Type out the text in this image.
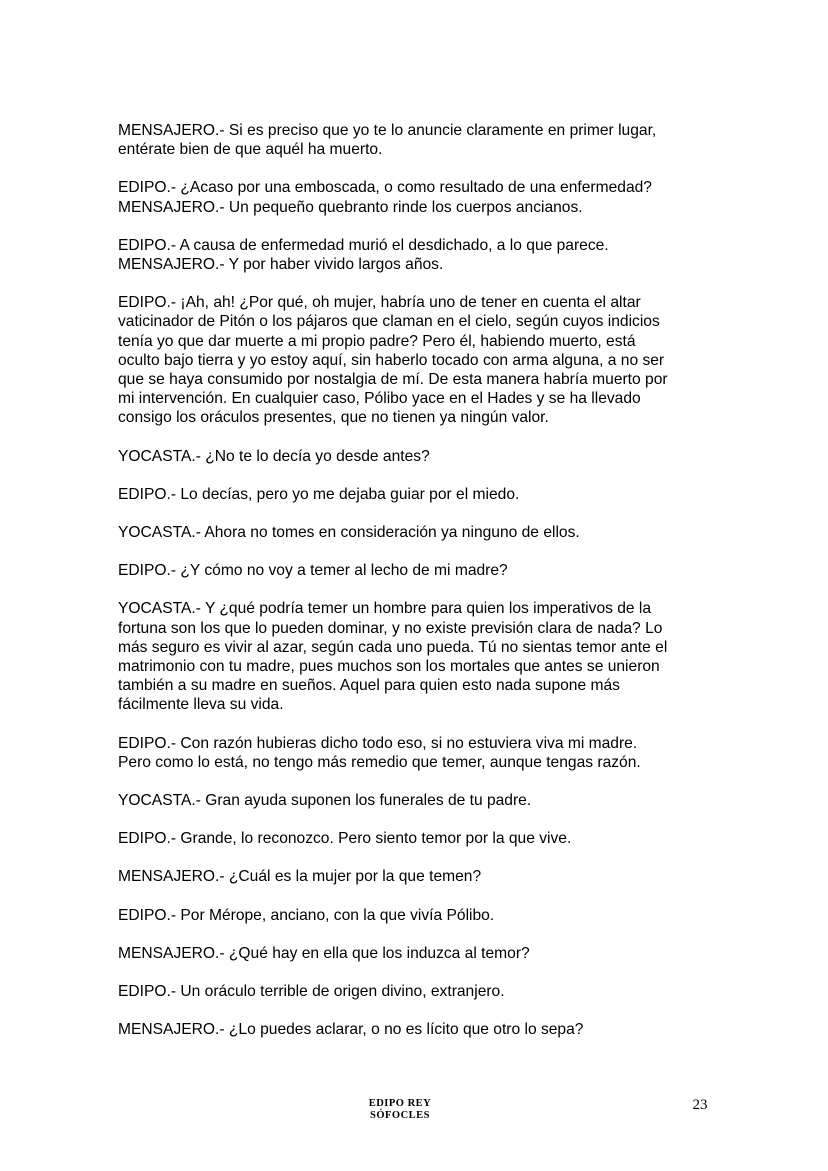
MENSAJERO.- Si es preciso que yo te lo anuncie claramente en primer lugar,
entérate bien de que aquél ha muerto.

EDIPO.- ¿Acaso por una emboscada, o como resultado de una enfermedad?
MENSAJERO.- Un pequeño quebranto rinde los cuerpos ancianos.

EDIPO.- A causa de enfermedad murió el desdichado, a lo que parece.
MENSAJERO.- Y por haber vivido largos años.

EDIPO.- ¡Ah, ah! ¿Por qué, oh mujer, habría uno de tener en cuenta el altar
vaticinador de Pitón o los pájaros que claman en el cielo, según cuyos indicios
tenía yo que dar muerte a mi propio padre? Pero él, habiendo muerto, está
oculto bajo tierra y yo estoy aquí, sin haberlo tocado con arma alguna, a no ser
que se haya consumido por nostalgia de mí. De esta manera habría muerto por
mi intervención. En cualquier caso, Pólibo yace en el Hades y se ha llevado
consigo los oráculos presentes, que no tienen ya ningún valor.

YOCASTA.- ¿No te lo decía yo desde antes?

EDIPO.- Lo decías, pero yo me dejaba guiar por el miedo.

YOCASTA.- Ahora no tomes en consideración ya ninguno de ellos.

EDIPO.- ¿Y cómo no voy a temer al lecho de mi madre?

YOCASTA.- Y ¿qué podría temer un hombre para quien los imperativos de la
fortuna son los que lo pueden dominar, y no existe previsión clara de nada? Lo
más seguro es vivir al azar, según cada uno pueda. Tú no sientas temor ante el
matrimonio con tu madre, pues muchos son los mortales que antes se unieron
también a su madre en sueños. Aquel para quien esto nada supone más
fácilmente lleva su vida.

EDIPO.- Con razón hubieras dicho todo eso, si no estuviera viva mi madre.
Pero como lo está, no tengo más remedio que temer, aunque tengas razón.

YOCASTA.- Gran ayuda suponen los funerales de tu padre.

EDIPO.- Grande, lo reconozco. Pero siento temor por la que vive.

MENSAJERO.- ¿Cuál es la mujer por la que temen?

EDIPO.- Por Mérope, anciano, con la que vivía Pólibo.

MENSAJERO.- ¿Qué hay en ella que los induzca al temor?

EDIPO.- Un oráculo terrible de origen divino, extranjero.

MENSAJERO.- ¿Lo puedes aclarar, o no es lícito que otro lo sepa?

EDIPO REY
SÓFOCLES
23
